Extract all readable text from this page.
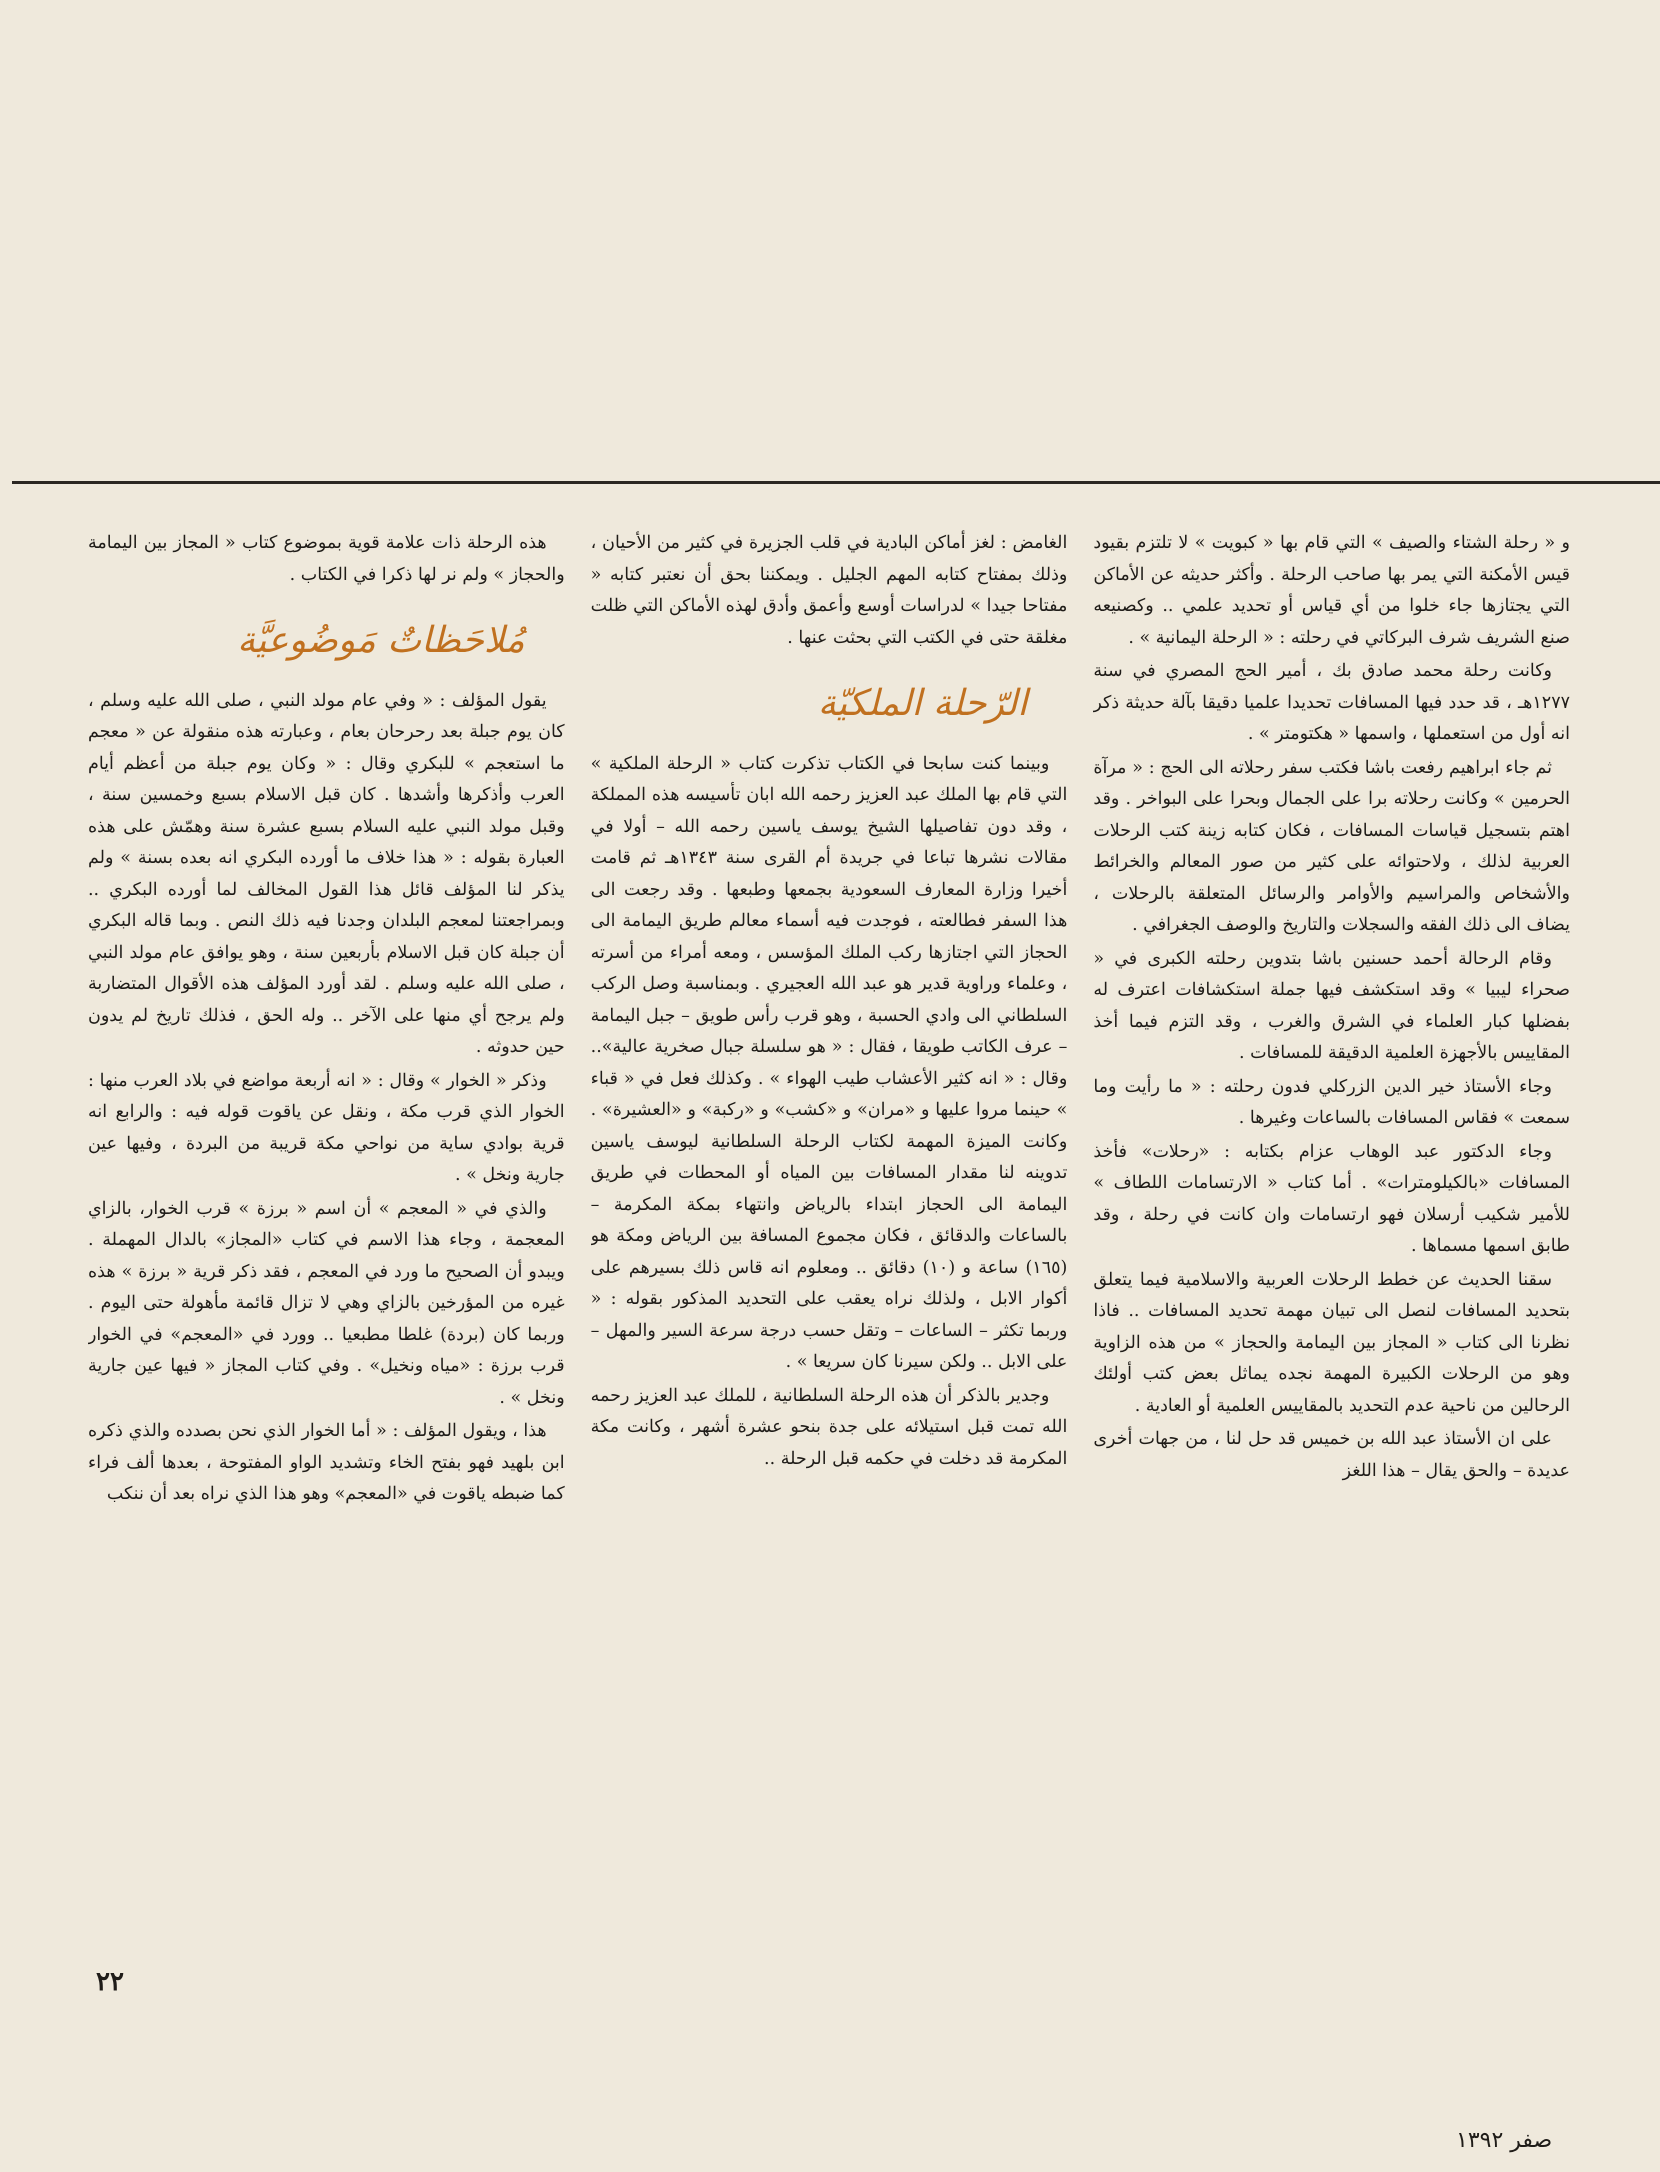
و « رحلة الشتاء والصيف » التي قام بها « كبويت » لا تلتزم بقيود قيس الأمكنة التي يمر بها صاحب الرحلة . وأكثر حديثه عن الأماكن التي يجتازها جاء خلوا من أي قياس أو تحديد علمي .. وكصنيعه صنع الشريف شرف البركاتي في رحلته : « الرحلة اليمانية » .

وكانت رحلة محمد صادق بك ، أمير الحج المصري في سنة ١٢٧٧هـ ، قد حدد فيها المسافات تحديدا علميا دقيقا بآلة حديثة ذكر انه أول من استعملها ، واسمها « هكتومتر » .

ثم جاء ابراهيم رفعت باشا فكتب سفر رحلاته الى الحج : « مرآة الحرمين » وكانت رحلاته برا على الجمال وبحرا على البواخر . وقد اهتم بتسجيل قياسات المسافات ، فكان كتابه زينة كتب الرحلات العربية لذلك ، ولاحتوائه على كثير من صور المعالم والخرائط والأشخاص والمراسيم والأوامر والرسائل المتعلقة بالرحلات ، يضاف الى ذلك الفقه والسجلات والتاريخ والوصف الجغرافي .

وقام الرحالة أحمد حسنين باشا بتدوين رحلته الكبرى في « صحراء ليبيا » وقد استكشف فيها جملة استكشافات اعترف له بفضلها كبار العلماء في الشرق والغرب ، وقد التزم فيما أخذ المقاييس بالأجهزة العلمية الدقيقة للمسافات .

وجاء الأستاذ خير الدين الزركلي فدون رحلته : « ما رأيت وما سمعت » فقاس المسافات بالساعات وغيرها .

وجاء الدكتور عبد الوهاب عزام بكتابه : «رحلات» فأخذ المسافات «بالكيلومترات» . أما كتاب « الارتسامات اللطاف » للأمير شكيب أرسلان فهو ارتسامات وان كانت في رحلة ، وقد طابق اسمها مسماها .

سقنا الحديث عن خطط الرحلات العربية والاسلامية فيما يتعلق بتحديد المسافات لنصل الى تبيان مهمة تحديد المسافات .. فاذا نظرنا الى كتاب « المجاز بين اليمامة والحجاز » من هذه الزاوية وهو من الرحلات الكبيرة المهمة نجده يماثل بعض كتب أولئك الرحالين من ناحية عدم التحديد بالمقاييس العلمية أو العادية .

على ان الأستاذ عبد الله بن خميس قد حل لنا ، من جهات أخرى عديدة – والحق يقال – هذا اللغز

الغامض : لغز أماكن البادية في قلب الجزيرة في كثير من الأحيان ، وذلك بمفتاح كتابه المهم الجليل . ويمكننا بحق أن نعتبر كتابه « مفتاحا جيدا » لدراسات أوسع وأعمق وأدق لهذه الأماكن التي ظلت مغلقة حتى في الكتب التي بحثت عنها .

الرّحلة الملكيّة

وبينما كنت سابحا في الكتاب تذكرت كتاب « الرحلة الملكية » التي قام بها الملك عبد العزيز رحمه الله ابان تأسيسه هذه المملكة ، وقد دون تفاصيلها الشيخ يوسف ياسين رحمه الله – أولا في مقالات نشرها تباعا في جريدة أم القرى سنة ١٣٤٣هـ ثم قامت أخيرا وزارة المعارف السعودية بجمعها وطبعها . وقد رجعت الى هذا السفر فطالعته ، فوجدت فيه أسماء معالم طريق اليمامة الى الحجاز التي اجتازها ركب الملك المؤسس ، ومعه أمراء من أسرته ، وعلماء وراوية قدير هو عبد الله العجيري . وبمناسبة وصل الركب السلطاني الى وادي الحسبة ، وهو قرب رأس طويق – جبل اليمامة – عرف الكاتب طويقا ، فقال : « هو سلسلة جبال صخرية عالية».. وقال : « انه كثير الأعشاب طيب الهواء » . وكذلك فعل في « قباء » حينما مروا عليها و «مران» و «كشب» و «ركبة» و «العشيرة» . وكانت الميزة المهمة لكتاب الرحلة السلطانية ليوسف ياسين تدوينه لنا مقدار المسافات بين المياه أو المحطات في طريق اليمامة الى الحجاز ابتداء بالرياض وانتهاء بمكة المكرمة – بالساعات والدقائق ، فكان مجموع المسافة بين الرياض ومكة هو (١٦٥) ساعة و (١٠) دقائق .. ومعلوم انه قاس ذلك بسيرهم على أكوار الابل ، ولذلك نراه يعقب على التحديد المذكور بقوله : « وربما تكثر – الساعات – وتقل حسب درجة سرعة السير والمهل – على الابل .. ولكن سيرنا كان سريعا » .

وجدير بالذكر أن هذه الرحلة السلطانية ، للملك عبد العزيز رحمه الله تمت قبل استيلائه على جدة بنحو عشرة أشهر ، وكانت مكة المكرمة قد دخلت في حكمه قبل الرحلة ..

هذه الرحلة ذات علامة قوية بموضوع كتاب « المجاز بين اليمامة والحجاز » ولم نر لها ذكرا في الكتاب .

مُلاحَظاتٌ مَوضُوعيَّة

يقول المؤلف : « وفي عام مولد النبي ، صلى الله عليه وسلم ، كان يوم جبلة بعد رحرحان بعام ، وعبارته هذه منقولة عن « معجم ما استعجم » للبكري وقال : « وكان يوم جبلة من أعظم أيام العرب وأذكرها وأشدها . كان قبل الاسلام بسبع وخمسين سنة ، وقبل مولد النبي عليه السلام بسبع عشرة سنة وهمّش على هذه العبارة بقوله : « هذا خلاف ما أورده البكري انه بعده بسنة » ولم يذكر لنا المؤلف قائل هذا القول المخالف لما أورده البكري .. وبمراجعتنا لمعجم البلدان وجدنا فيه ذلك النص . وبما قاله البكري أن جبلة كان قبل الاسلام بأربعين سنة ، وهو يوافق عام مولد النبي ، صلى الله عليه وسلم . لقد أورد المؤلف هذه الأقوال المتضاربة ولم يرجح أي منها على الآخر .. وله الحق ، فذلك تاريخ لم يدون حين حدوثه .

وذكر « الخوار » وقال : « انه أربعة مواضع في بلاد العرب منها : الخوار الذي قرب مكة ، ونقل عن ياقوت قوله فيه : والرابع انه قرية بوادي ساية من نواحي مكة قريبة من البردة ، وفيها عين جارية ونخل » .

والذي في « المعجم » أن اسم « برزة » قرب الخوار، بالزاي المعجمة ، وجاء هذا الاسم في كتاب «المجاز» بالدال المهملة . ويبدو أن الصحيح ما ورد في المعجم ، فقد ذكر قرية « برزة » هذه غيره من المؤرخين بالزاي وهي لا تزال قائمة مأهولة حتى اليوم . وربما كان (بردة) غلطا مطبعيا .. وورد في «المعجم» في الخوار قرب برزة : «مياه ونخيل» . وفي كتاب المجاز « فيها عين جارية ونخل » .

هذا ، ويقول المؤلف : « أما الخوار الذي نحن بصدده والذي ذكره ابن بلهيد فهو بفتح الخاء وتشديد الواو المفتوحة ، بعدها ألف فراء كما ضبطه ياقوت في «المعجم» وهو هذا الذي نراه بعد أن ننكب

٢٢
صفر ١٣٩٢
